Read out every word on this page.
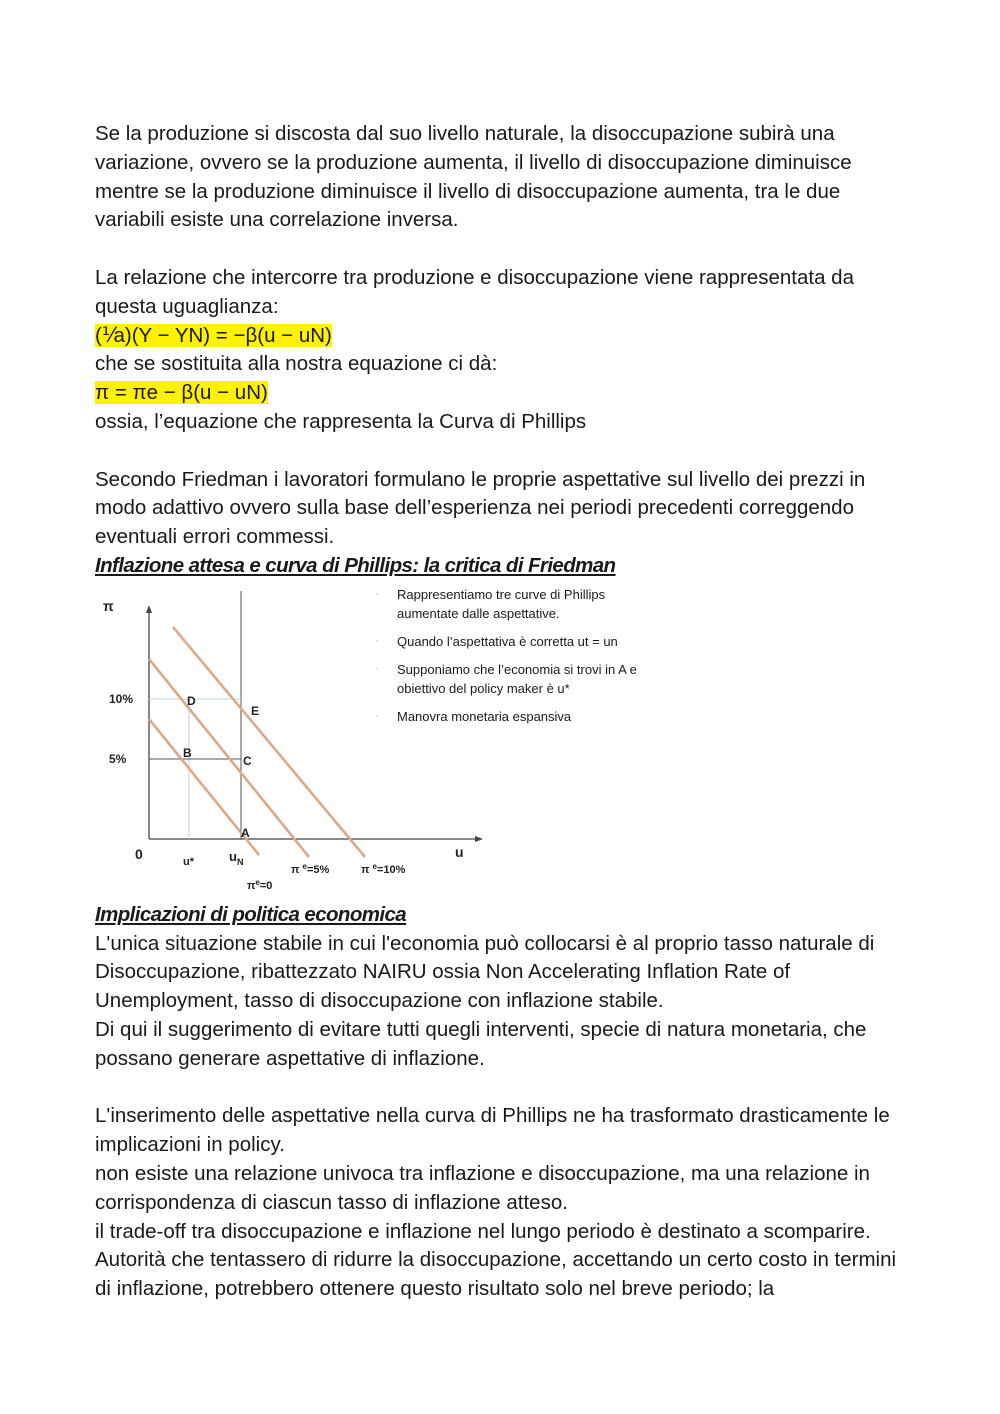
Se la produzione si discosta dal suo livello naturale, la disoccupazione subirà una variazione, ovvero se la produzione aumenta, il livello di disoccupazione diminuisce mentre se la produzione diminuisce il livello di disoccupazione aumenta, tra le due variabili esiste una correlazione inversa.

La relazione che intercorre tra produzione e disoccupazione viene rappresentata da questa uguaglianza:

(⅟a)(Y − YN) = −β(u − uN)

che se sostituita alla nostra equazione ci dà:

π = πe − β(u − uN)

ossia, l’equazione che rappresenta la Curva di Phillips

Secondo Friedman i lavoratori formulano le proprie aspettative sul livello dei prezzi in modo adattivo ovvero sulla base dell’esperienza nei periodi precedenti correggendo eventuali errori commessi.

Inflazione attesa e curva di Phillips: la critica di Friedman

π
u
0
10%
5%
u*	$u_N$
A
B
C
D
E
$\pi^e=0$
π $^e$=5%	π $^e$=10%
· Rappresentiamo tre curve di Phillips aumentate dalle aspettative.
· Quando l’aspettativa è corretta ut = un
· Supponiamo che l’economia si trovi in A e obiettivo del policy maker è u*
· Manovra monetaria espansiva

Implicazioni di politica economica

L'unica situazione stabile in cui l'economia può collocarsi è al proprio tasso naturale di Disoccupazione, ribattezzato NAIRU ossia Non Accelerating Inflation Rate of Unemployment, tasso di disoccupazione con inflazione stabile.

Di qui il suggerimento di evitare tutti quegli interventi, specie di natura monetaria, che possano generare aspettative di inflazione.

L'inserimento delle aspettative nella curva di Phillips ne ha trasformato drasticamente le implicazioni in policy.

non esiste una relazione univoca tra inflazione e disoccupazione, ma una relazione in corrispondenza di ciascun tasso di inflazione atteso.

il trade-off tra disoccupazione e inflazione nel lungo periodo è destinato a scomparire.

Autorità che tentassero di ridurre la disoccupazione, accettando un certo costo in termini di inflazione, potrebbero ottenere questo risultato solo nel breve periodo; la
